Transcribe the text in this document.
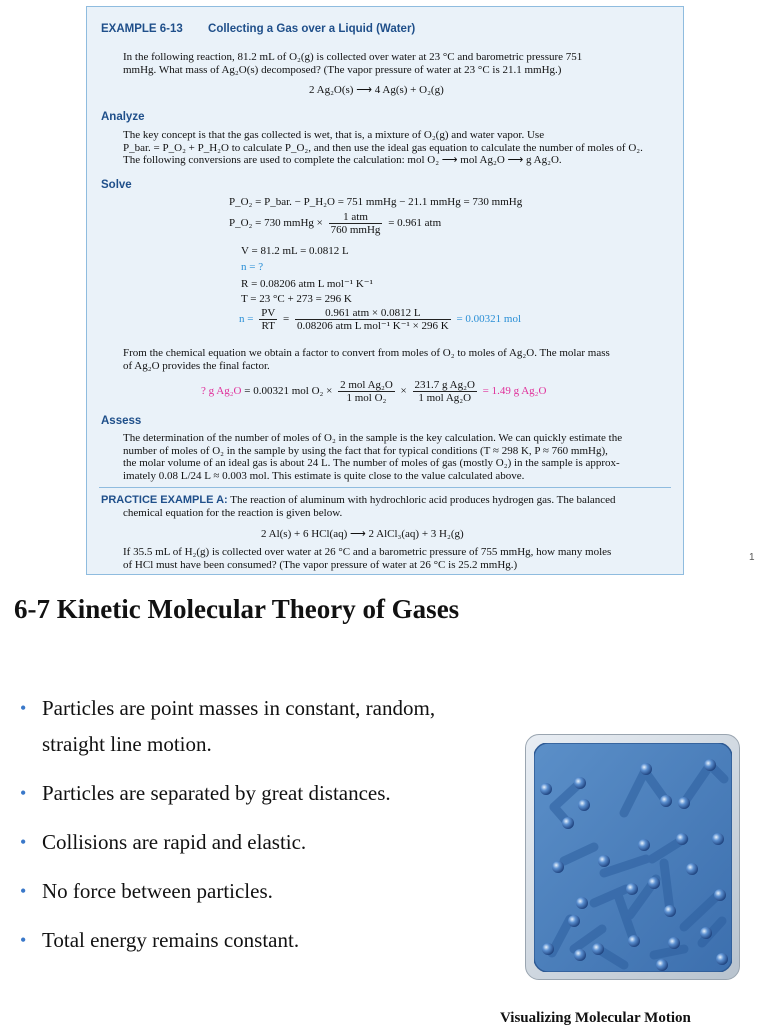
EXAMPLE 6-13 Collecting a Gas over a Liquid (Water)
In the following reaction, 81.2 mL of O₂(g) is collected over water at 23 °C and barometric pressure 751
mmHg. What mass of Ag₂O(s) decomposed? (The vapor pressure of water at 23 °C is 21.1 mmHg.)
2 Ag₂O(s) ⟶ 4 Ag(s) + O₂(g)
Analyze
The key concept is that the gas collected is wet, that is, a mixture of O₂(g) and water vapor. Use
P_bar. = P_O₂ + P_H₂O to calculate P_O₂, and then use the ideal gas equation to calculate the number of moles of O₂.
The following conversions are used to complete the calculation: mol O₂ ⟶ mol Ag₂O ⟶ g Ag₂O.
Solve
P_O₂ = P_bar. − P_H₂O = 751 mmHg − 21.1 mmHg = 730 mmHg
P_O₂ = 730 mmHg × $\frac{\text{1 atm}}{\text{760 mmHg}} = 0.961$ atm
V = 81.2 mL = 0.0812 L
n = ?
R = 0.08206 atm L mol⁻¹ K⁻¹
T = 23 °C + 273 = 296 K
$n = \frac{PV}{RT} = \frac{\text{0.961 atm × 0.0812 L}}{\text{0.08206 atm L mol⁻¹ K⁻¹ × 296 K}} = 0.00321$ mol
From the chemical equation we obtain a factor to convert from moles of O₂ to moles of Ag₂O. The molar mass
of Ag₂O provides the final factor.
? g Ag₂O = 0.00321 mol $O_2 \times \frac{\text{2 mol Ag₂O}}{\text{1 mol O₂}} \times \frac{\text{231.7 g Ag₂O}}{\text{1 mol Ag₂O}} = 1.49$ g Ag₂O
Assess
The determination of the number of moles of O₂ in the sample is the key calculation. We can quickly estimate the
number of moles of O₂ in the sample by using the fact that for typical conditions (T ≈ 298 K, P ≈ 760 mmHg),
the molar volume of an ideal gas is about 24 L. The number of moles of gas (mostly O₂) in the sample is approx-
imately 0.08 L/24 L ≈ 0.003 mol. This estimate is quite close to the value calculated above.
PRACTICE EXAMPLE A: The reaction of aluminum with hydrochloric acid produces hydrogen gas. The balanced
chemical equation for the reaction is given below.
2 Al(s) + 6 HCl(aq) ⟶ 2 AlCl₃(aq) + 3 H₂(g)
If 35.5 mL of H₂(g) is collected over water at 26 °C and a barometric pressure of 755 mmHg, how many moles
of HCl must have been consumed? (The vapor pressure of water at 26 °C is 25.2 mmHg.)
1
6-7 Kinetic Molecular Theory of Gases
• Particles are point masses in constant, random,
straight line motion.
• Particles are separated by great distances.
• Collisions are rapid and elastic.
• No force between particles.
• Total energy remains constant.
Visualizing Molecular Motion
